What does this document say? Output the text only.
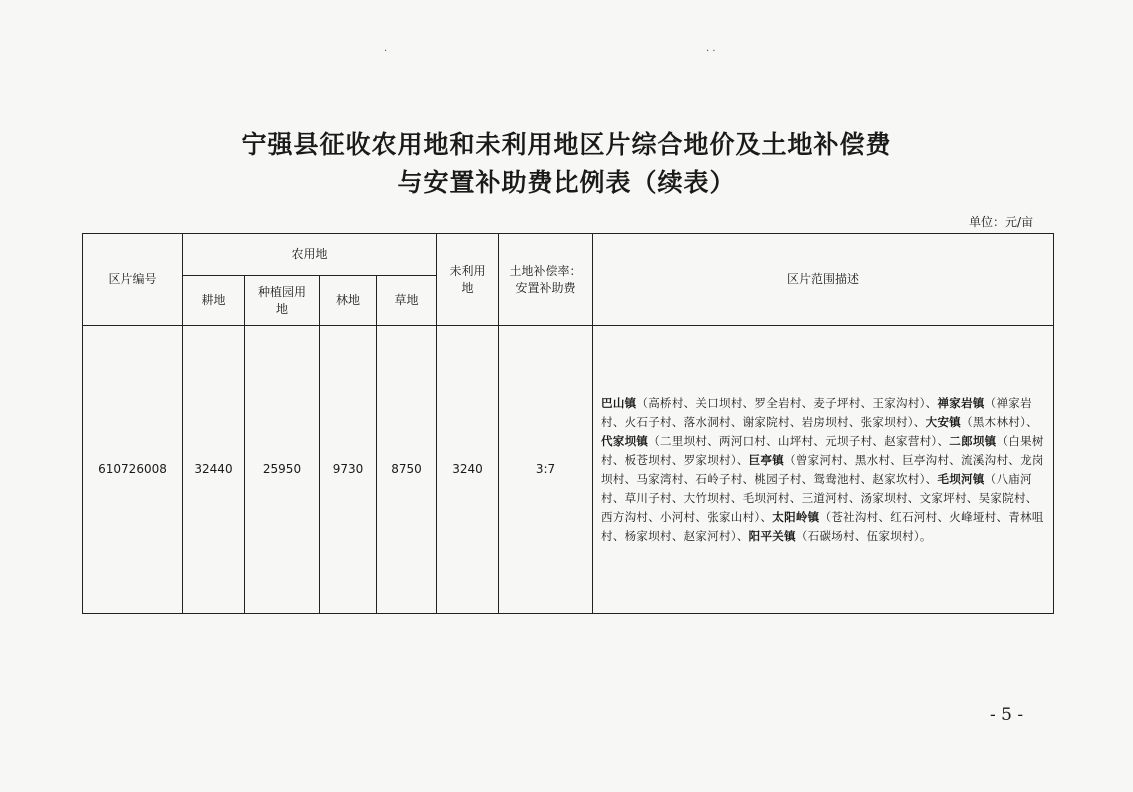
·	· ·
宁强县征收农用地和未利用地区片综合地价及土地补偿费
与安置补助费比例表（续表）
单位：元/亩
区片编号	农用地				未利用地	土地补偿率：安置补助费	区片范围描述
	耕地	种植园用地	林地	草地			
610726008	32440	25950	9730	8750	3240	3:7	巴山镇（高桥村、关口坝村、罗全岩村、麦子坪村、王家沟村）、禅家岩镇（禅家岩村、火石子村、落水洞村、谢家院村、岩房坝村、张家坝村）、大安镇（黑木林村）、代家坝镇（二里坝村、两河口村、山坪村、元坝子村、赵家营村）、二郎坝镇（白果树村、板苍坝村、罗家坝村）、巨亭镇（曾家河村、黑水村、巨亭沟村、流溪沟村、龙岗坝村、马家湾村、石岭子村、桃园子村、鸳鸯池村、赵家坎村）、毛坝河镇（八庙河村、草川子村、大竹坝村、毛坝河村、三道河村、汤家坝村、文家坪村、吴家院村、西方沟村、小河村、张家山村）、太阳岭镇（苍社沟村、红石河村、火峰垭村、青林咀村、杨家坝村、赵家河村）、阳平关镇（石碳场村、伍家坝村）。
- 5 -
